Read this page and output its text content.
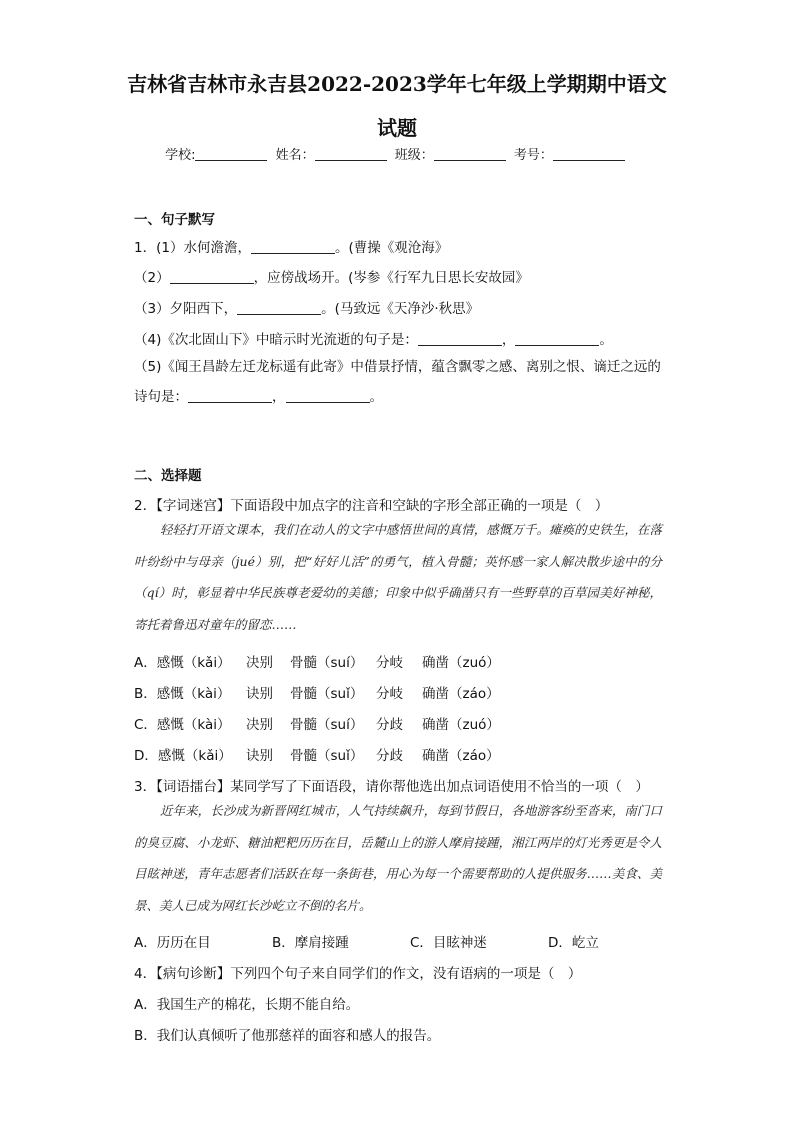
吉林省吉林市永吉县2022-2023学年七年级上学期期中语文
试题
学校:	姓名：	班级：	考号：
一、句子默写
1．(1）水何澹澹，	。(曹操《观沧海》
（2）	，应傍战场开。(岑参《行军九日思长安故园》
（3）夕阳西下，	。(马致远《天净沙·秋思》
（4)《次北固山下》中暗示时光流逝的句子是：	，	。
（5)《闻王昌龄左迁龙标遥有此寄》中借景抒情，蕴含飘零之感、离别之恨、谪迁之远的诗句是：	，	。
二、选择题
2．【字词迷宫】下面语段中加点字的注音和空缺的字形全部正确的一项是（　）
轻轻打开语文课本，我们在动人的文字中感悟世间的真情，感慨万千。瘫痪的史铁生，在落叶纷纷中与母亲（jué）别，把“好好儿活”的勇气，植入骨髓；英怀感一家人解决散步途中的分（qí）时，彰显着中华民族尊老爱幼的美德；印象中似乎确凿只有一些野草的百草园美好神秘，寄托着鲁迅对童年的留恋……
A．感慨（kǎi） 决别 骨髓（suí） 分岐 确凿（zuó）
B．感慨（kài） 诀别 骨髓（suǐ） 分岐 确凿（záo）
C．感慨（kài） 决别 骨髓（suí） 分歧 确凿（zuó）
D．感慨（kǎi） 诀别 骨髓（suǐ） 分歧 确凿（záo）
3．【词语擂台】某同学写了下面语段，请你帮他选出加点词语使用不恰当的一项（　）
近年来，长沙成为新晋网红城市，人气持续飙升，每到节假日，各地游客纷至沓来，南门口的臭豆腐、小龙虾、糖油粑粑历历在目，岳麓山上的游人摩肩接踵，湘江两岸的灯光秀更是令人目眩神迷，青年志愿者们活跃在每一条街巷，用心为每一个需要帮助的人提供服务……美食、美景、美人已成为网红长沙屹立不倒的名片。
A．历历在目	B．摩肩接踵	C．目眩神迷	D．屹立
4．【病句诊断】下列四个句子来自同学们的作文，没有语病的一项是（　）
A．我国生产的棉花，长期不能自给。
B．我们认真倾听了他那慈祥的面容和感人的报告。
